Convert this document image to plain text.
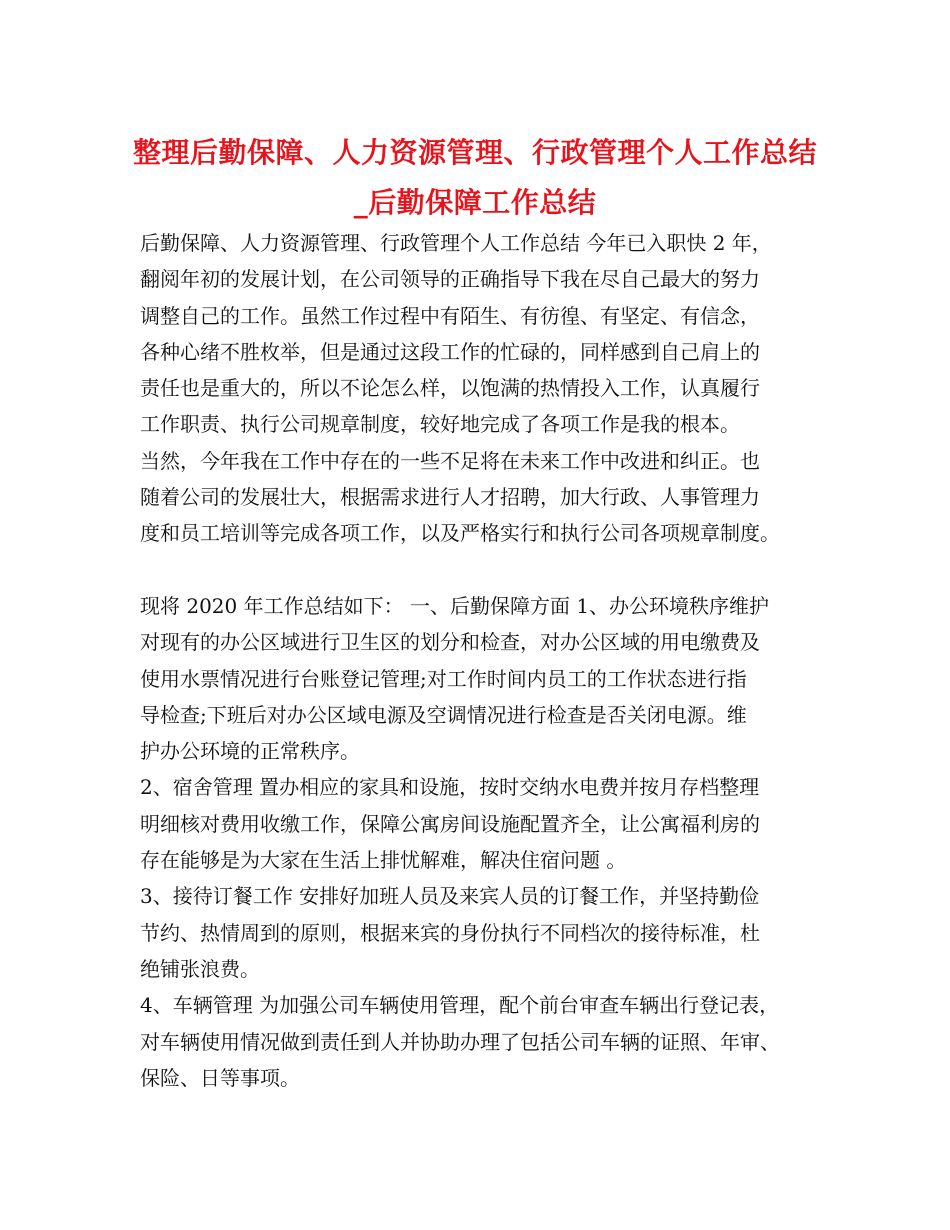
整理后勤保障、人力资源管理、行政管理个人工作总结
_后勤保障工作总结
后勤保障、人力资源管理、行政管理个人工作总结 今年已入职快 2 年，
翻阅年初的发展计划，在公司领导的正确指导下我在尽自己最大的努力
调整自己的工作。虽然工作过程中有陌生、有彷徨、有坚定、有信念，
各种心绪不胜枚举，但是通过这段工作的忙碌的，同样感到自己肩上的
责任也是重大的，所以不论怎么样，以饱满的热情投入工作，认真履行
工作职责、执行公司规章制度，较好地完成了各项工作是我的根本。
当然，今年我在工作中存在的一些不足将在未来工作中改进和纠正。也
随着公司的发展壮大，根据需求进行人才招聘，加大行政、人事管理力
度和员工培训等完成各项工作，以及严格实行和执行公司各项规章制度。
现将 2020 年工作总结如下： 一、后勤保障方面 1、办公环境秩序维护
对现有的办公区域进行卫生区的划分和检查，对办公区域的用电缴费及
使用水票情况进行台账登记管理;对工作时间内员工的工作状态进行指
导检查;下班后对办公区域电源及空调情况进行检查是否关闭电源。维
护办公环境的正常秩序。
2、宿舍管理 置办相应的家具和设施，按时交纳水电费并按月存档整理
明细核对费用收缴工作，保障公寓房间设施配置齐全，让公寓福利房的
存在能够是为大家在生活上排忧解难，解决住宿问题 。
3、接待订餐工作 安排好加班人员及来宾人员的订餐工作，并坚持勤俭
节约、热情周到的原则，根据来宾的身份执行不同档次的接待标准，杜
绝铺张浪费。
4、车辆管理 为加强公司车辆使用管理，配个前台审查车辆出行登记表，
对车辆使用情况做到责任到人并协助办理了包括公司车辆的证照、年审、
保险、日等事项。
